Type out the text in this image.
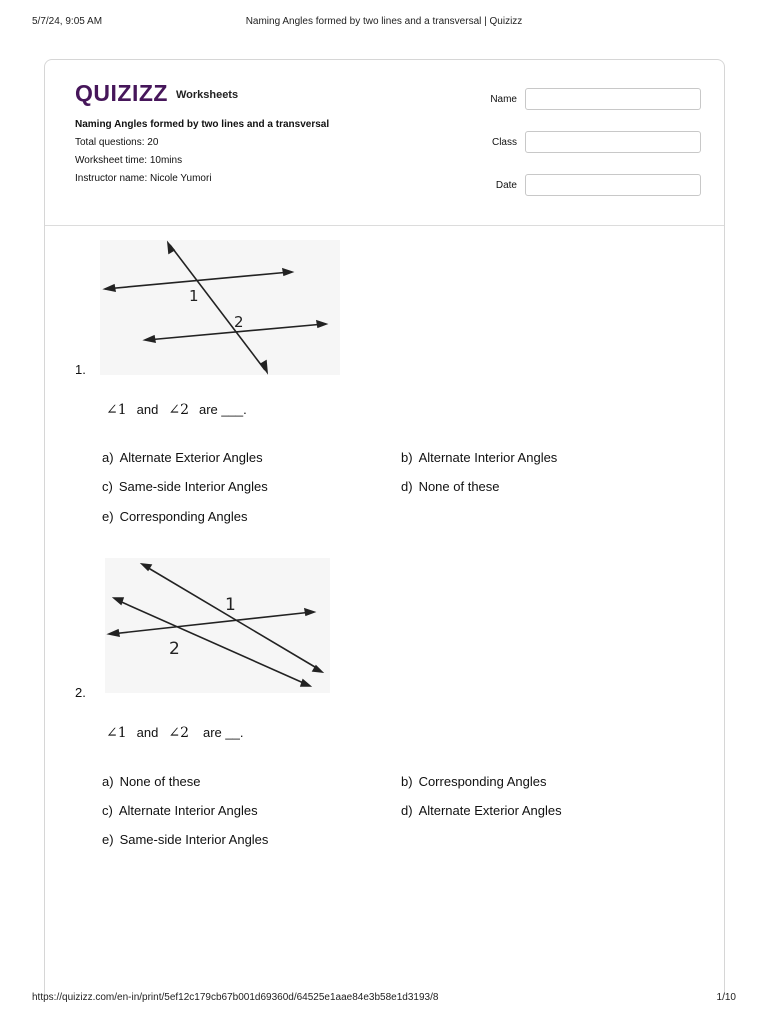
5/7/24, 9:05 AM	Naming Angles formed by two lines and a transversal | Quizizz
QUIZIZZ Worksheets
Naming Angles formed by two lines and a transversal
Total questions: 20
Worksheet time: 10mins
Instructor name: Nicole Yumori
Name
Class
Date
1
2
1.
∠1 and ∠2 are ___.
a) Alternate Exterior Angles	b) Alternate Interior Angles
c) Same-side Interior Angles	d) None of these
e) Corresponding Angles
1
2
2.
∠1 and ∠2 are __.
a) None of these	b) Corresponding Angles
c) Alternate Interior Angles	d) Alternate Exterior Angles
e) Same-side Interior Angles
https://quizizz.com/en-in/print/5ef12c179cb67b001d69360d/64525e1aae84e3b58e1d3193/8	1/10
